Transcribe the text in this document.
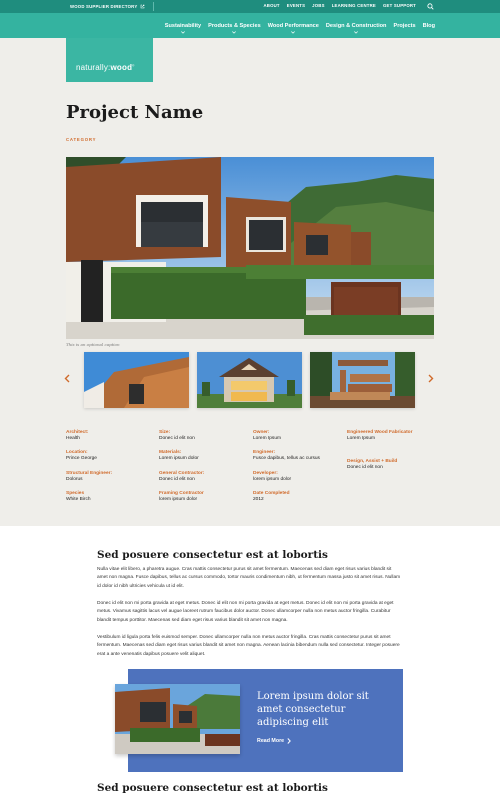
WOOD SUPPLIER DIRECTORY	ABOUT EVENTS JOBS LEARNING CENTRE GET SUPPORT
Sustainability Products & Species Wood Performance Design & Construction Projects Blog
naturally:wood®
Project Name
CATEGORY
This is an optional caption
Architect:
Health
Location:
Prince George
Structural Engineer:
Dolorus
Species
White Birch
Size:
Donec id elit non
Materials:
Lorem ipsum dolor
General Contractor:
Donec id elit non
Framing Contractor
lorem ipsum dolor
Owner:
Lorem Ipsum
Engineer:
Fusce dapibus, tellus ac cursus
Developer:
lorem ipsum dolor
Date Completed
2012
Engineered Wood Fabricator
Lorem Ipsum
Design, Assist + Build
Donec id elit non
Sed posuere consectetur est at lobortis

Nulla vitae elit libero, a pharetra augue. Cras mattis consectetur purus sit amet fermentum. Maecenas sed diam eget risus varius blandit sit amet non magna. Fusce dapibus, tellus ac cursus commodo, tortor mauris condimentum nibh, ut fermentum massa justo sit amet risus. Nullam id dolor id nibh ultricies vehicula ut id elit.

Donec id elit non mi porta gravida at eget metus. Donec id elit non mi porta gravida at eget metus. Donec id elit non mi porta gravida at eget metus. Vivamus sagittis lacus vel augue laoreet rutrum faucibus dolor auctor. Donec ullamcorper nulla non metus auctor fringilla. Curabitur blandit tempus porttitor. Maecenas sed diam eget risus varius blandit sit amet non magna.

Vestibulum id ligula porta felis euismod semper. Donec ullamcorper nulla non metus auctor fringilla. Cras mattis consectetur purus sit amet fermentum. Maecenas sed diam eget risus varius blandit sit amet non magna. Aenean lacinia bibendum nulla sed consectetur. Integer posuere erat a ante venenatis dapibus posuere velit aliquet.

Lorem ipsum dolor sit amet consectetur adipiscing elit
Read More
Sed posuere consectetur est at lobortis
